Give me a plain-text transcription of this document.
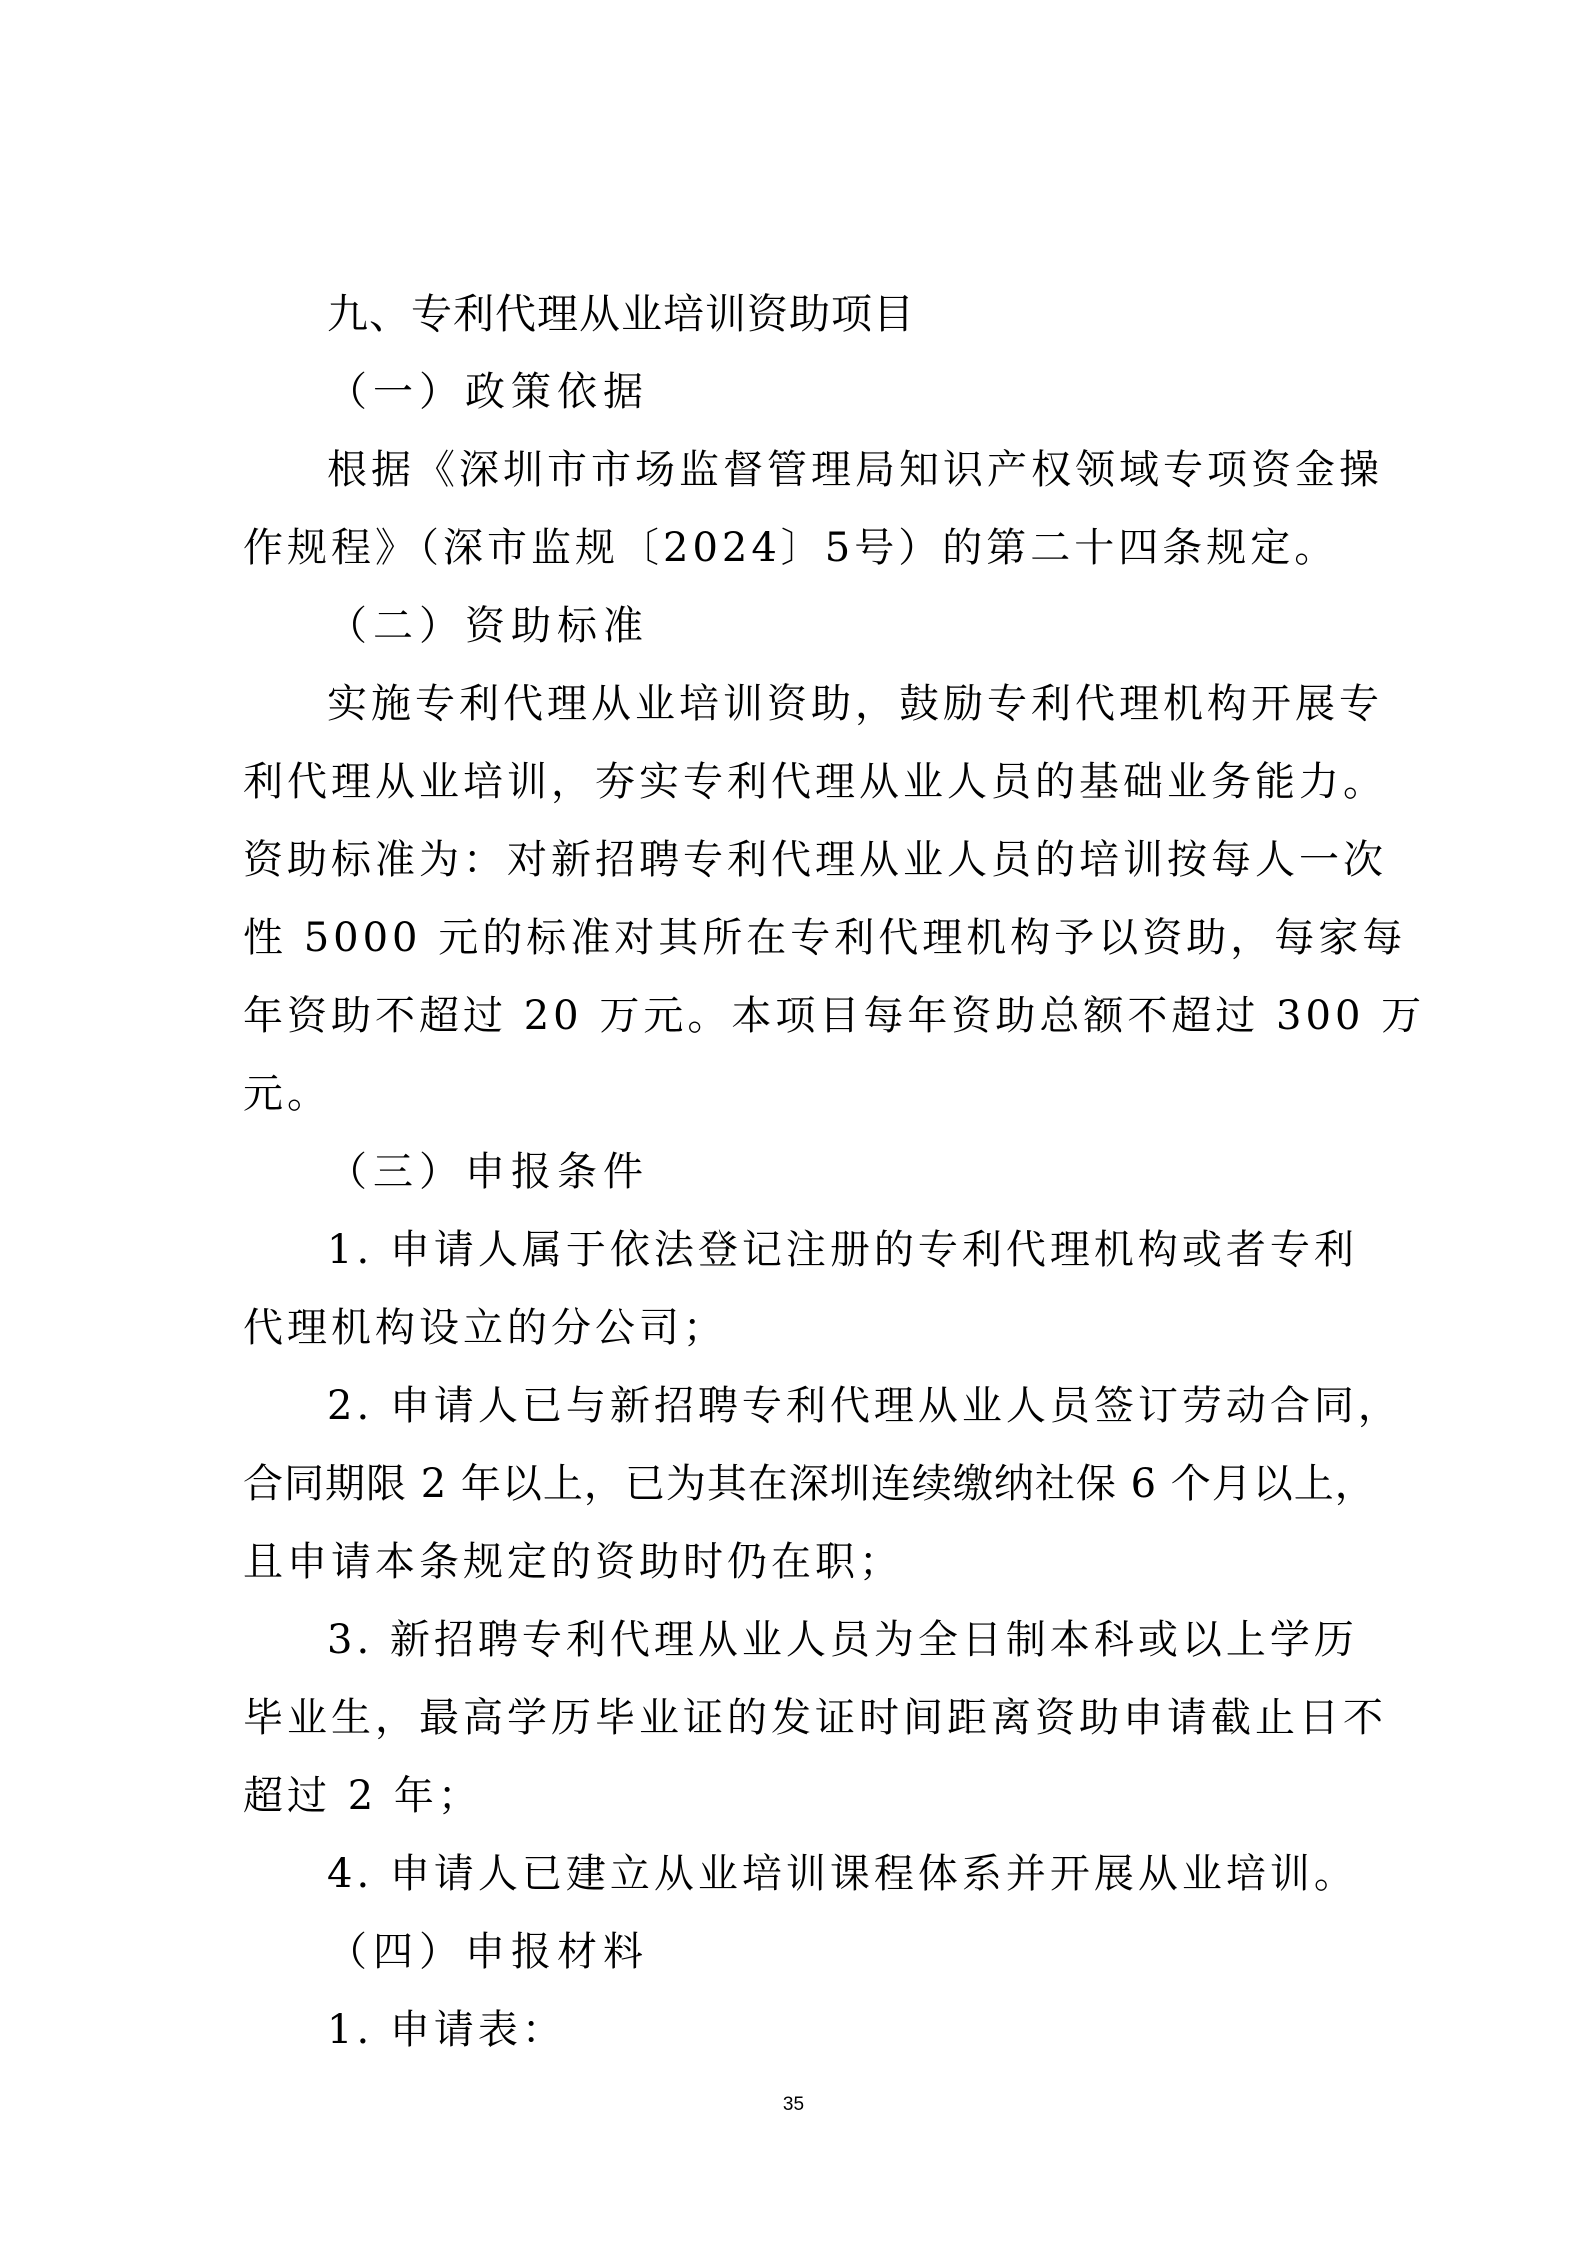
九、专利代理从业培训资助项目
（一）政策依据
根据《深圳市市场监督管理局知识产权领域专项资金操
作规程》（深市监规〔2024〕5号）的第二十四条规定。
（二）资助标准
实施专利代理从业培训资助，鼓励专利代理机构开展专
利代理从业培训，夯实专利代理从业人员的基础业务能力。
资助标准为：对新招聘专利代理从业人员的培训按每人一次
性 5000 元的标准对其所在专利代理机构予以资助，每家每
年资助不超过 20 万元。本项目每年资助总额不超过 300 万
元。
（三）申报条件
1. 申请人属于依法登记注册的专利代理机构或者专利
代理机构设立的分公司；
2. 申请人已与新招聘专利代理从业人员签订劳动合同，
合同期限 2 年以上，已为其在深圳连续缴纳社保 6 个月以上，
且申请本条规定的资助时仍在职；
3. 新招聘专利代理从业人员为全日制本科或以上学历
毕业生，最高学历毕业证的发证时间距离资助申请截止日不
超过 2 年；
4. 申请人已建立从业培训课程体系并开展从业培训。
（四）申报材料
1. 申请表：
35
